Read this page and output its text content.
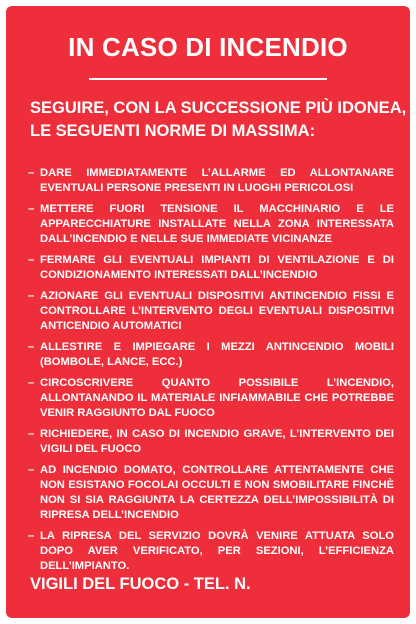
IN CASO DI INCENDIO
SEGUIRE, CON LA SUCCESSIONE PIÙ IDONEA,
LE SEGUENTI NORME DI MASSIMA:
– DARE IMMEDIATAMENTE L’ALLARME ED ALLONTANARE EVENTUALI PERSONE PRESENTI IN LUOGHI PERICOLOSI
– METTERE FUORI TENSIONE IL MACCHINARIO E LE APPARECCHIATURE INSTALLATE NELLA ZONA INTERESSATA DALL’INCENDIO E NELLE SUE IMMEDIATE VICINANZE
– FERMARE GLI EVENTUALI IMPIANTI DI VENTILAZIONE E DI CONDIZIONAMENTO INTERESSATI DALL’INCENDIO
– AZIONARE GLI EVENTUALI DISPOSITIVI ANTINCENDIO FISSI E CONTROLLARE L’INTERVENTO DEGLI EVENTUALI DISPOSITIVI ANTICENDIO AUTOMATICI
– ALLESTIRE E IMPIEGARE I MEZZI ANTINCENDIO MOBILI (BOMBOLE, LANCE, ECC.)
– CIRCOSCRIVERE QUANTO POSSIBILE L’INCENDIO, ALLONTANANDO IL MATERIALE INFIAMMABILE CHE POTREBBE VENIR RAGGIUNTO DAL FUOCO
– RICHIEDERE, IN CASO DI INCENDIO GRAVE, L’INTERVENTO DEI VIGILI DEL FUOCO
– AD INCENDIO DOMATO, CONTROLLARE ATTENTAMENTE CHE NON ESISTANO FOCOLAI OCCULTI E NON SMOBILITARE FINCHÈ NON SI SIA RAGGIUNTA LA CERTEZZA DELL’IMPOSSIBILITÀ DI RIPRESA DELL’INCENDIO
– LA RIPRESA DEL SERVIZIO DOVRÀ VENIRE ATTUATA SOLO DOPO AVER VERIFICATO, PER SEZIONI, L’EFFICIENZA DELL’IMPIANTO.
VIGILI DEL FUOCO - TEL. N.
